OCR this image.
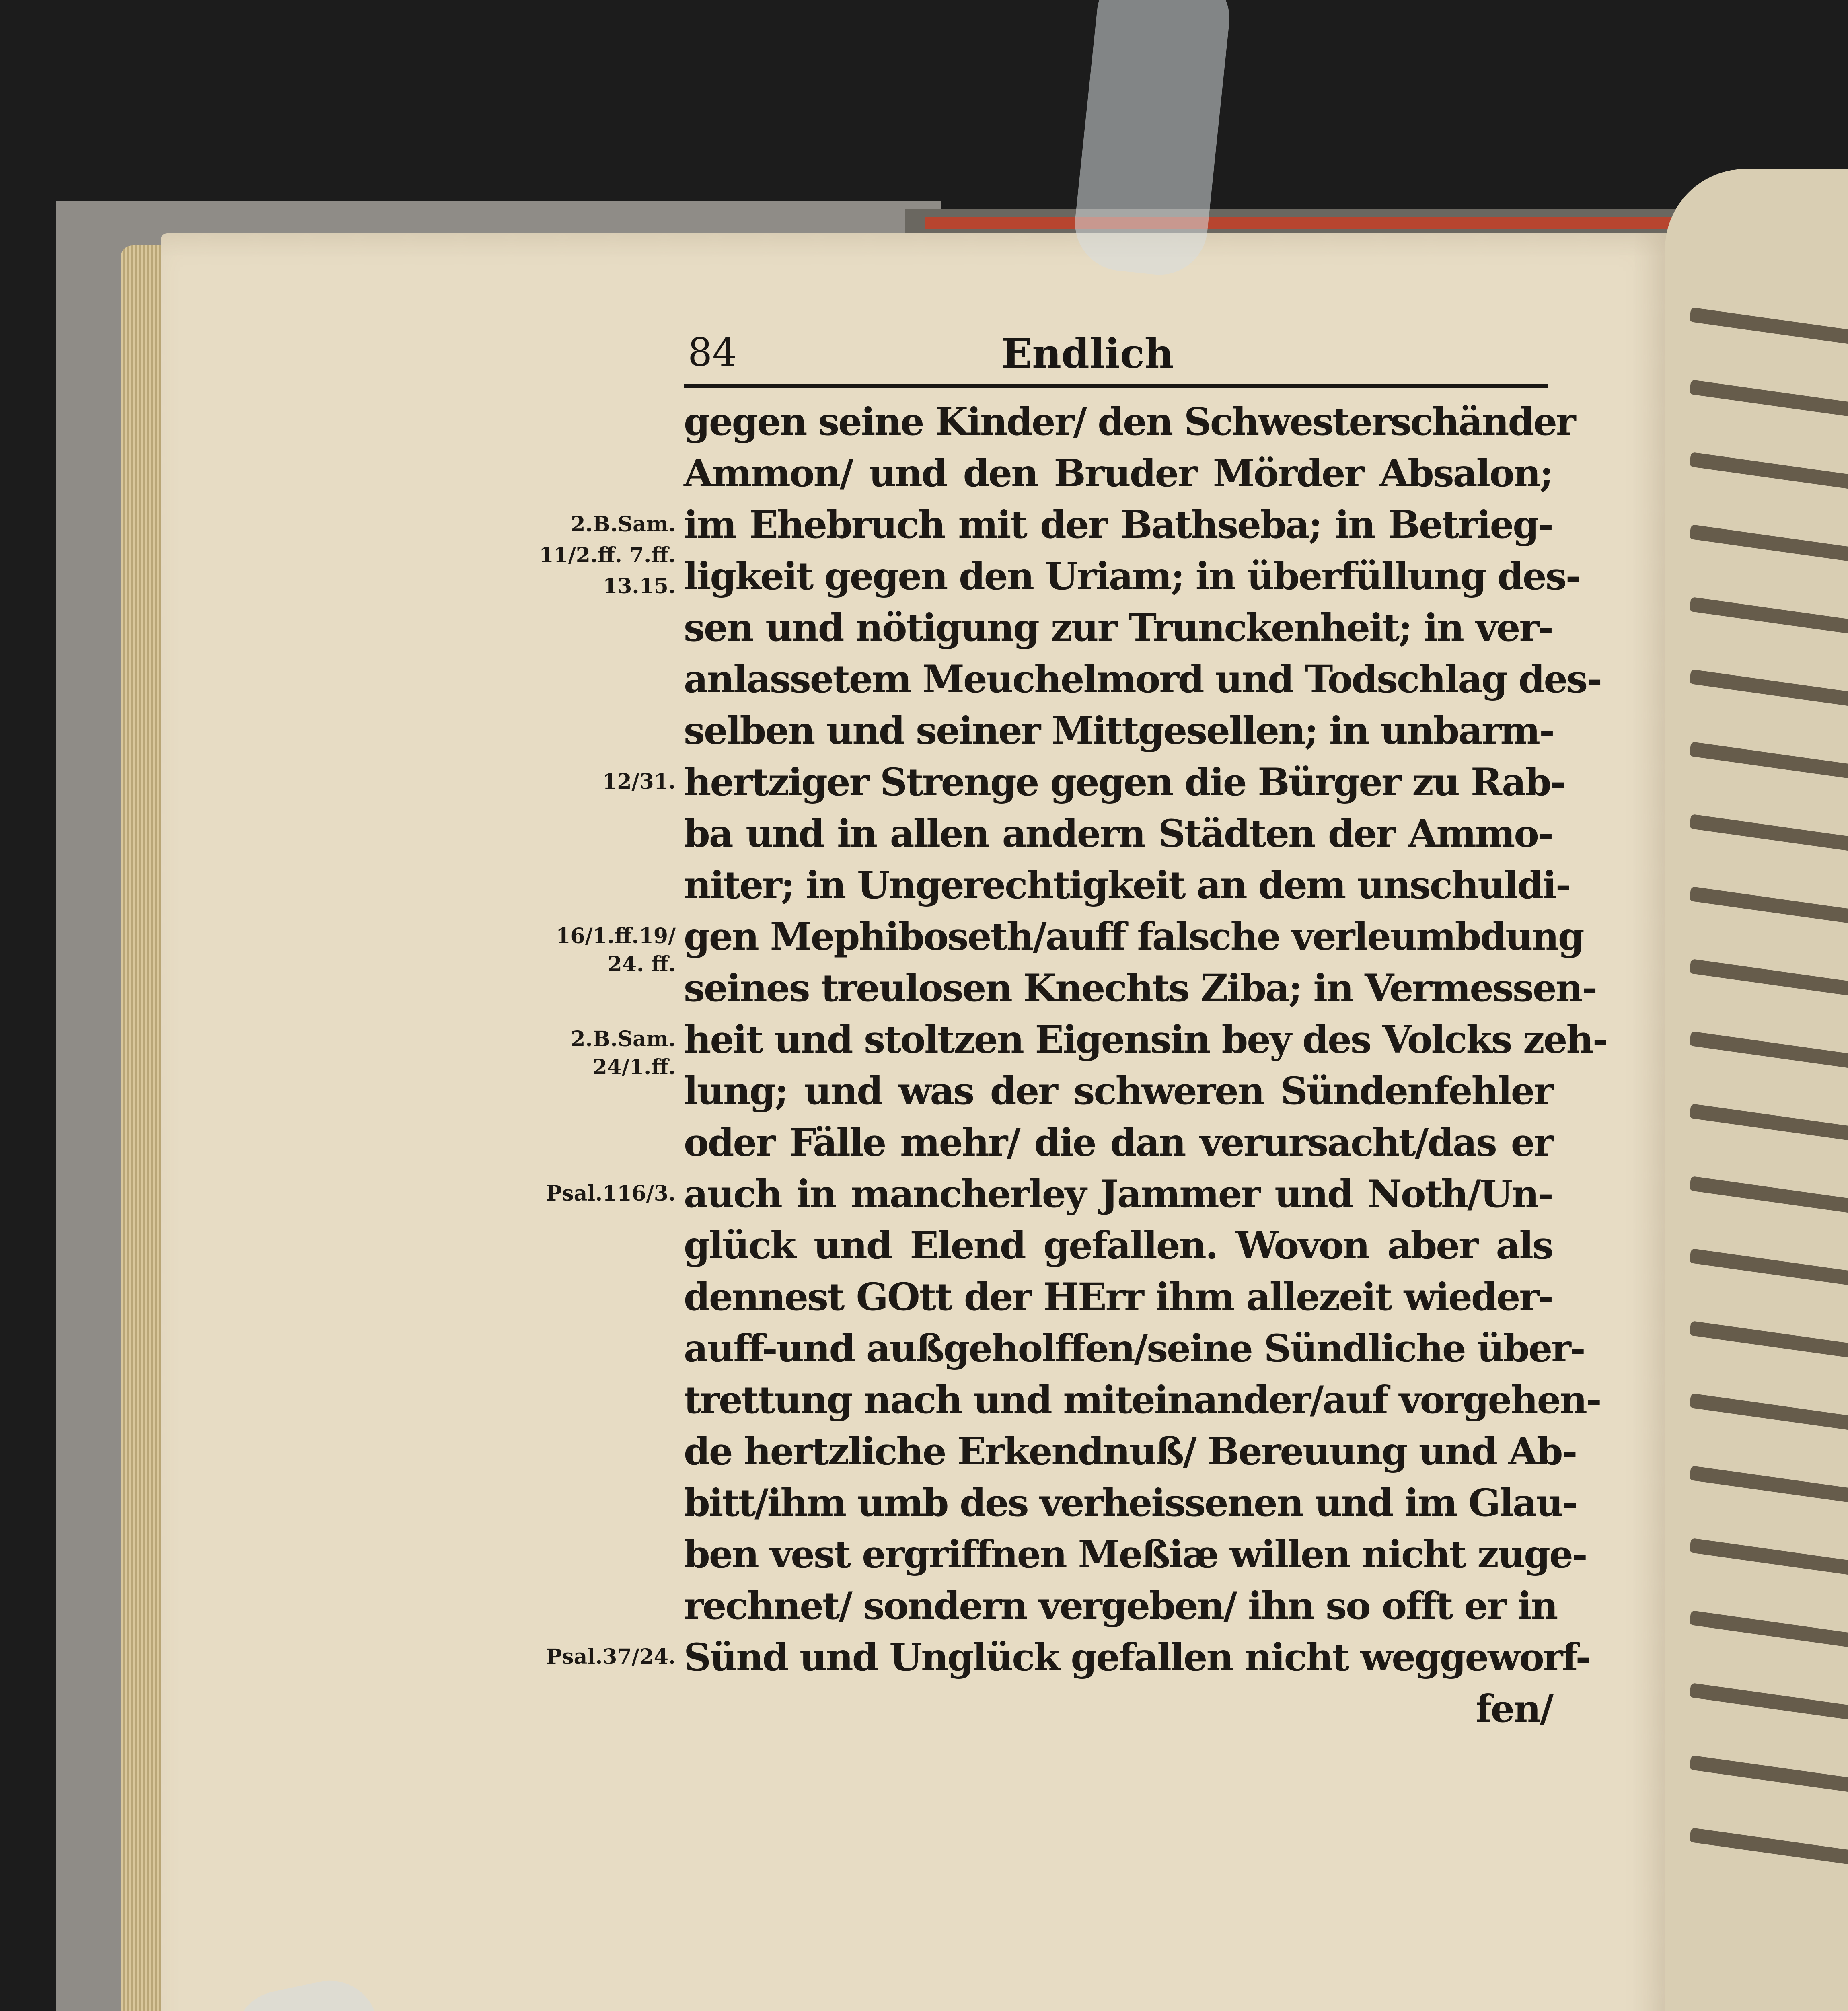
84	Endlich
2.B.Sam.
11/2.ff. 7.ff.
13.15.
12/31.
16/1.ff.19/
24. ff.
2.B.Sam.
24/1.ff.
Psal.116/3.
Psal.37/24.
gegen seine Kinder/ den Schwesterschänder
Ammon/ und den Bruder Mörder Absalon;
im Ehebruch mit der Bathseba; in Betrieg-
ligkeit gegen den Uriam; in überfüllung des-
sen und nötigung zur Trunckenheit; in ver-
anlassetem Meuchelmord und Todschlag des-
selben und seiner Mittgesellen; in unbarm-
hertziger Strenge gegen die Bürger zu Rab-
ba und in allen andern Städten der Ammo-
niter; in Ungerechtigkeit an dem unschuldi-
gen Mephiboseth/auff falsche verleumbdung
seines treulosen Knechts Ziba; in Vermessen-
heit und stoltzen Eigensin bey des Volcks zeh-
lung; und was der schweren Sündenfehler
oder Fälle mehr/ die dan verursacht/das er
auch in mancherley Jammer und Noth/Un-
glück und Elend gefallen. Wovon aber als
dennest GOtt der HErr ihm allezeit wieder-
auff-und außgeholffen/seine Sündliche über-
trettung nach und miteinander/auf vorgehen-
de hertzliche Erkendnuß/ Bereuung und Ab-
bitt/ihm umb des verheissenen und im Glau-
ben vest ergriffnen Meßiæ willen nicht zuge-
rechnet/ sondern vergeben/ ihn so offt er in
Sünd und Unglück gefallen nicht weggeworf-
fen/
